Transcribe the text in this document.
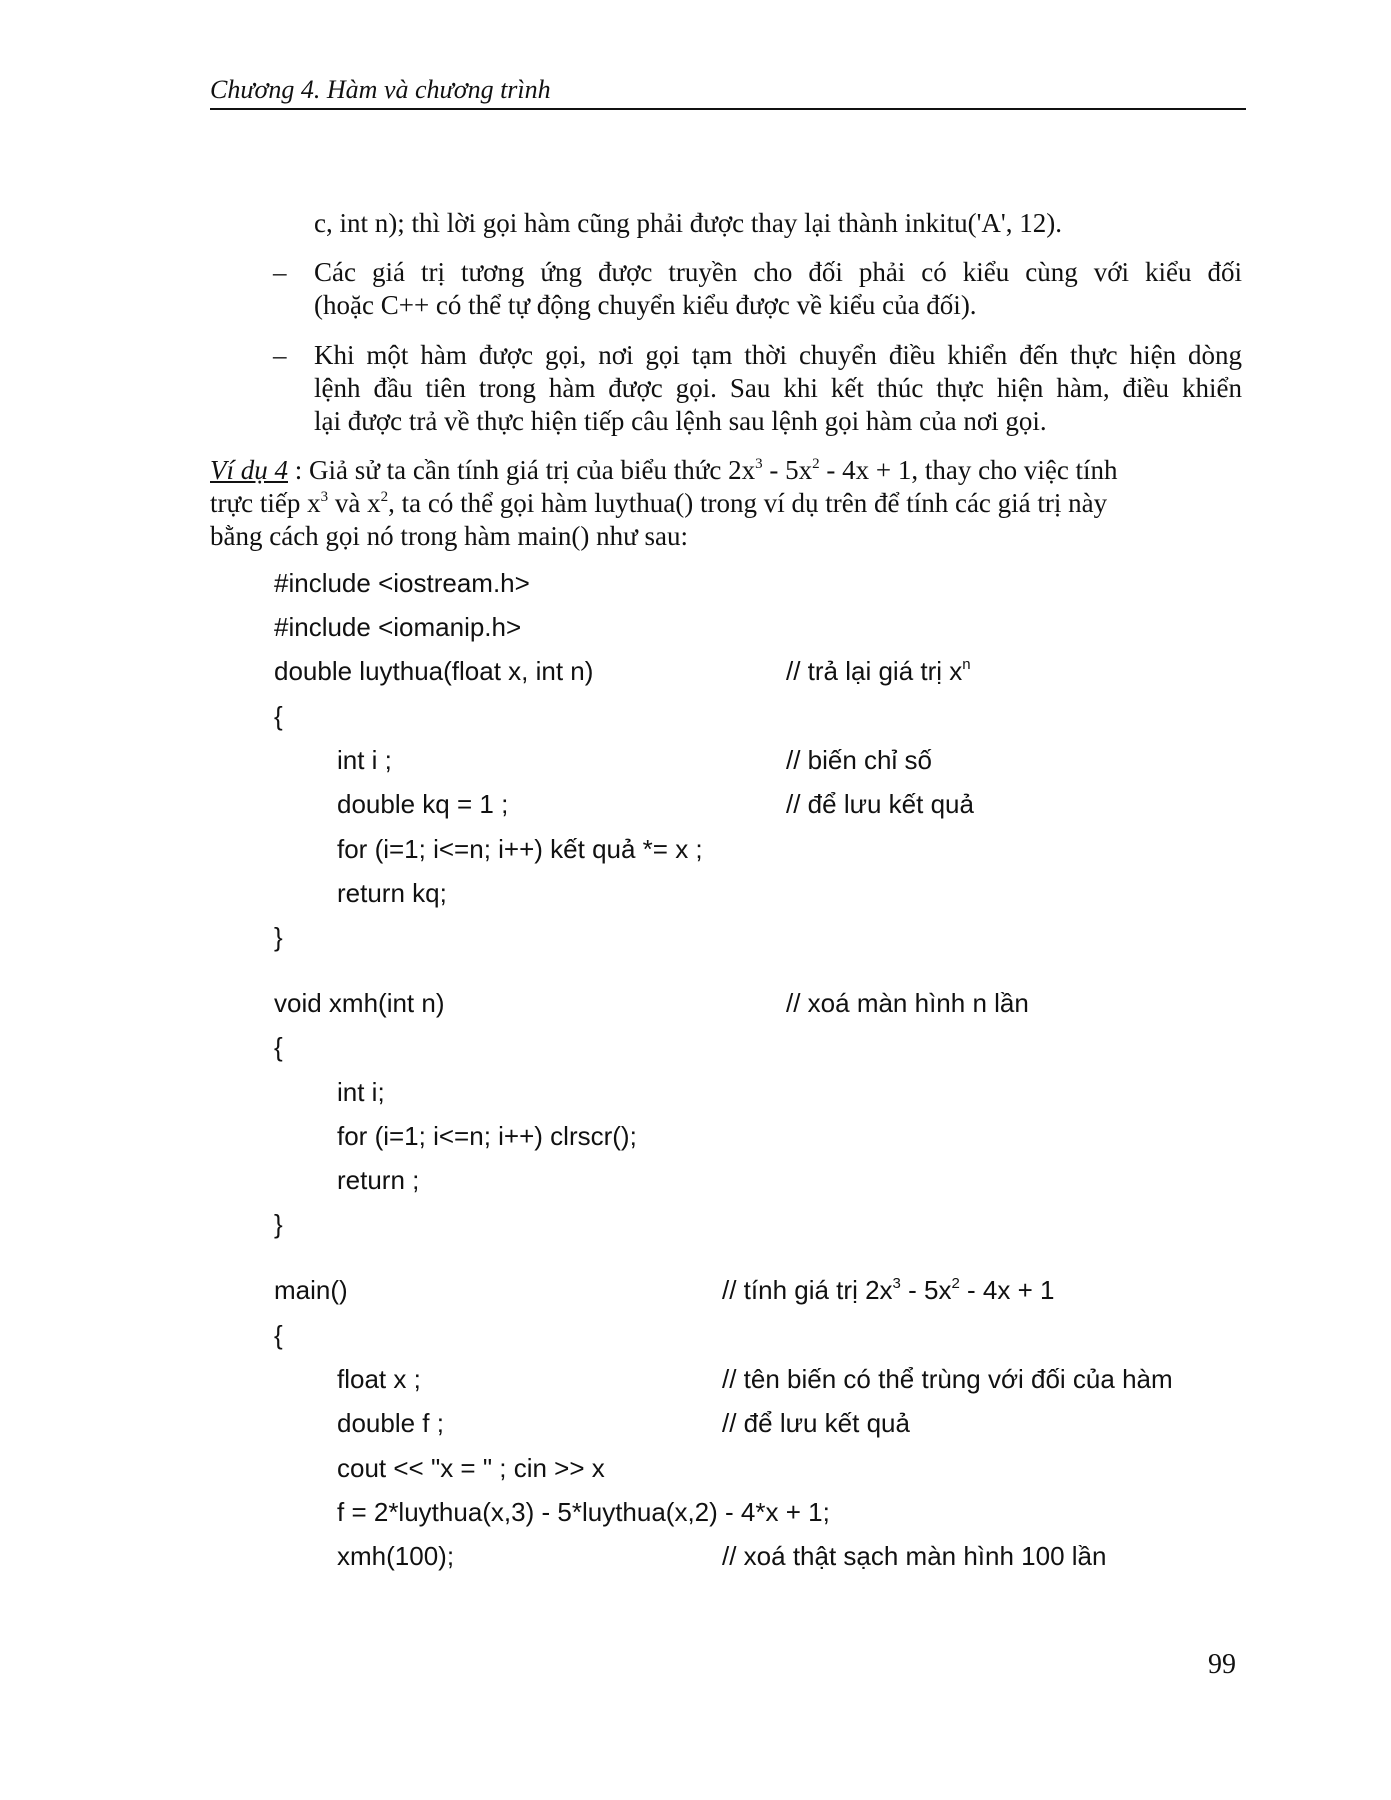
Chương 4. Hàm và chương trình
c, int n); thì lời gọi hàm cũng phải được thay lại thành inkitu('A', 12).
– Các giá trị tương ứng được truyền cho đối phải có kiểu cùng với kiểu đối
(hoặc C++ có thể tự động chuyển kiểu được về kiểu của đối).
– Khi một hàm được gọi, nơi gọi tạm thời chuyển điều khiển đến thực hiện dòng
lệnh đầu tiên trong hàm được gọi. Sau khi kết thúc thực hiện hàm, điều khiển
lại được trả về thực hiện tiếp câu lệnh sau lệnh gọi hàm của nơi gọi.
Ví dụ 4 : Giả sử ta cần tính giá trị của biểu thức $2x^3 - 5x^2 - 4x + 1$, thay cho việc tính
trực tiếp $x^3$ và $x^2$, ta có thể gọi hàm luythua() trong ví dụ trên để tính các giá trị này
bằng cách gọi nó trong hàm main() như sau:
#include <iostream.h>
#include <iomanip.h>
double luythua(float x, int n)	// trả lại giá trị $x^n$
{
int i ;	// biến chỉ số
double kq = 1 ;	// để lưu kết quả
for (i=1; i<=n; i++) kết quả *= x ;
return kq;
}
void xmh(int n)	// xoá màn hình n lần
{
int i;
for (i=1; i<=n; i++) clrscr();
return ;
}
main()	// tính giá trị $2x^3 - 5x^2 - 4x + 1$
{
float x ;	// tên biến có thể trùng với đối của hàm
double f ;	// để lưu kết quả
cout << "x = " ; cin >> x
f = 2*luythua(x,3) - 5*luythua(x,2) - 4*x + 1;
xmh(100);	// xoá thật sạch màn hình 100 lần
99
